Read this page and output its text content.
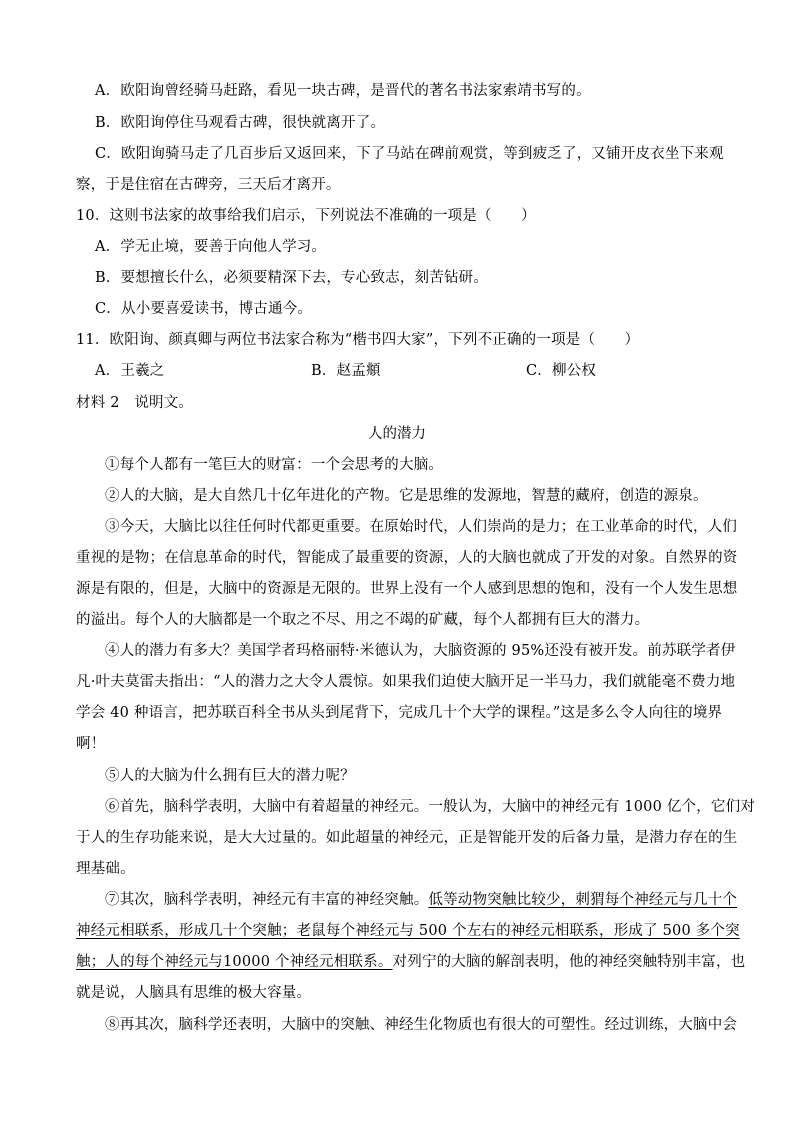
A．欧阳询曾经骑马赶路，看见一块古碑，是晋代的著名书法家索靖书写的。
B．欧阳询停住马观看古碑，很快就离开了。
C．欧阳询骑马走了几百步后又返回来，下了马站在碑前观赏，等到疲乏了，又铺开皮衣坐下来观
察，于是住宿在古碑旁，三天后才离开。
10．这则书法家的故事给我们启示，下列说法不准确的一项是（　　）
A．学无止境，要善于向他人学习。
B．要想擅长什么，必须要精深下去，专心致志，刻苦钻研。
C．从小要喜爱读书，博古通今。
11．欧阳询、颜真卿与两位书法家合称为“楷书四大家”，下列不正确的一项是（　　）
A．王羲之	B．赵孟頫	C．柳公权
材料 2　说明文。
人的潜力
①每个人都有一笔巨大的财富：一个会思考的大脑。
②人的大脑，是大自然几十亿年进化的产物。它是思维的发源地，智慧的藏府，创造的源泉。
③今天，大脑比以往任何时代都更重要。在原始时代，人们崇尚的是力；在工业革命的时代，人们
重视的是物；在信息革命的时代，智能成了最重要的资源，人的大脑也就成了开发的对象。自然界的资
源是有限的，但是，大脑中的资源是无限的。世界上没有一个人感到思想的饱和，没有一个人发生思想
的溢出。每个人的大脑都是一个取之不尽、用之不竭的矿藏，每个人都拥有巨大的潜力。
④人的潜力有多大？美国学者玛格丽特·米德认为，大脑资源的 95%还没有被开发。前苏联学者伊
凡·叶夫莫雷夫指出：“人的潜力之大令人震惊。如果我们迫使大脑开足一半马力，我们就能毫不费力地
学会 40 种语言，把苏联百科全书从头到尾背下，完成几十个大学的课程。”这是多么令人向往的境界
啊！
⑤人的大脑为什么拥有巨大的潜力呢？
⑥首先，脑科学表明，大脑中有着超量的神经元。一般认为，大脑中的神经元有 1000 亿个，它们对
于人的生存功能来说，是大大过量的。如此超量的神经元，正是智能开发的后备力量，是潜力存在的生
理基础。
⑦其次，脑科学表明，神经元有丰富的神经突触。低等动物突触比较少，刺猬每个神经元与几十个
神经元相联系，形成几十个突触；老鼠每个神经元与 500 个左右的神经元相联系，形成了 500 多个突
触；人的每个神经元与10000 个神经元相联系。对列宁的大脑的解剖表明，他的神经突触特别丰富，也
就是说，人脑具有思维的极大容量。
⑧再其次，脑科学还表明，大脑中的突触、神经生化物质也有很大的可塑性。经过训练，大脑中会
